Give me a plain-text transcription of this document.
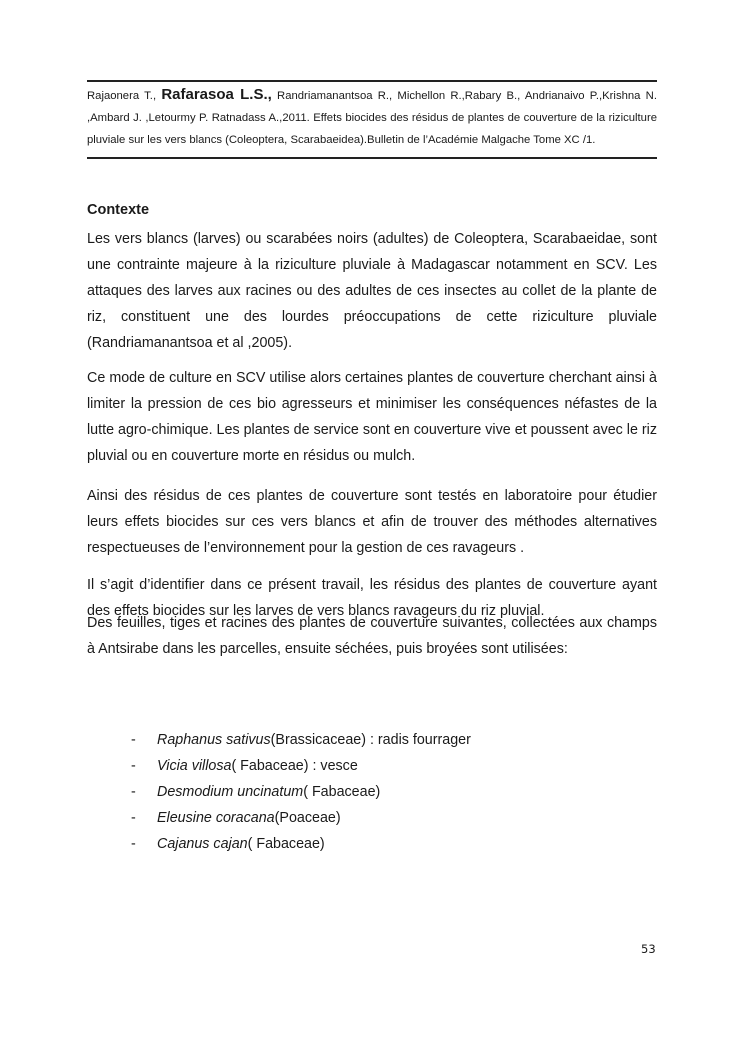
Rajaonera T., Rafarasoa L.S., Randriamanantsoa R., Michellon R.,Rabary B., Andrianaivo P.,Krishna N. ,Ambard J. ,Letourmy P. Ratnadass A.,2011. Effets biocides des résidus de plantes de couverture de la riziculture pluviale sur les vers blancs (Coleoptera, Scarabaeidea).Bulletin de l’Académie Malgache Tome XC /1.
Contexte

Les vers blancs (larves) ou scarabées noirs (adultes) de Coleoptera, Scarabaeidae, sont une contrainte majeure à la riziculture pluviale à Madagascar notamment en SCV. Les attaques des larves aux racines ou des adultes de ces insectes au collet de la plante de riz, constituent une des lourdes préoccupations de cette riziculture pluviale (Randriamanantsoa et al ,2005).

Ce mode de culture en SCV utilise alors certaines plantes de couverture cherchant ainsi à limiter la pression de ces bio agresseurs et minimiser les conséquences néfastes de la lutte agro-chimique. Les plantes de service sont en couverture vive et poussent avec le riz pluvial ou en couverture morte en résidus ou mulch.

Ainsi des résidus de ces plantes de couverture sont testés en laboratoire pour étudier leurs effets biocides sur ces vers blancs et afin de trouver des méthodes alternatives respectueuses de l’environnement pour la gestion de ces ravageurs .

Il s’agit d’identifier dans ce présent travail, les résidus des plantes de couverture ayant des effets biocides sur les larves de vers blancs ravageurs du riz pluvial.

Des feuilles, tiges et racines des plantes de couverture suivantes, collectées aux champs à Antsirabe dans les parcelles, ensuite séchées, puis broyées sont utilisées:

-	Raphanus sativus (Brassicaceae) : radis fourrager
-	Vicia villosa ( Fabaceae) : vesce
-	Desmodium uncinatum ( Fabaceae)
-	Eleusine coracana (Poaceae)
-	Cajanus cajan ( Fabaceae)
53
